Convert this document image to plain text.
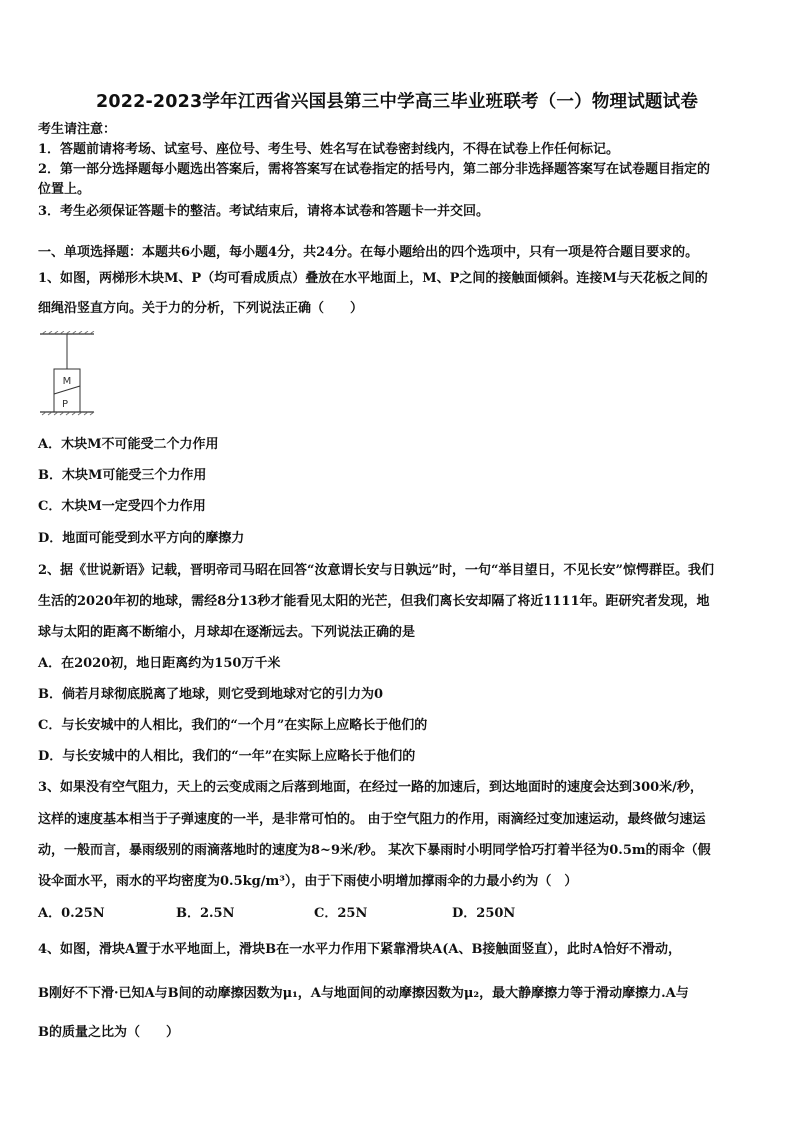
2022-2023学年江西省兴国县第三中学高三毕业班联考（一）物理试题试卷
考生请注意：
1．答题前请将考场、试室号、座位号、考生号、姓名写在试卷密封线内，不得在试卷上作任何标记。
2．第一部分选择题每小题选出答案后，需将答案写在试卷指定的括号内，第二部分非选择题答案写在试卷题目指定的
位置上。
3．考生必须保证答题卡的整洁。考试结束后，请将本试卷和答题卡一并交回。
一、单项选择题：本题共6小题，每小题4分，共24分。在每小题给出的四个选项中，只有一项是符合题目要求的。
1、如图，两梯形木块M、P（均可看成质点）叠放在水平地面上，M、P之间的接触面倾斜。连接M与天花板之间的
细绳沿竖直方向。关于力的分析，下列说法正确（　　）
M
P
A．木块M不可能受二个力作用
B．木块M可能受三个力作用
C．木块M一定受四个力作用
D．地面可能受到水平方向的摩擦力
2、据《世说新语》记载，晋明帝司马昭在回答“汝意谓长安与日孰远”时，一句“举目望日，不见长安”惊愕群臣。我们
生活的2020年初的地球，需经8分13秒才能看见太阳的光芒，但我们离长安却隔了将近1111年。距研究者发现，地
球与太阳的距离不断缩小，月球却在逐渐远去。下列说法正确的是
A．在2020初，地日距离约为150万千米
B．倘若月球彻底脱离了地球，则它受到地球对它的引力为0
C．与长安城中的人相比，我们的“一个月”在实际上应略长于他们的
D．与长安城中的人相比，我们的“一年”在实际上应略长于他们的
3、如果没有空气阻力，天上的云变成雨之后落到地面，在经过一路的加速后，到达地面时的速度会达到300米/秒，
这样的速度基本相当于子弹速度的一半，是非常可怕的。 由于空气阻力的作用，雨滴经过变加速运动，最终做匀速运
动，一般而言，暴雨级别的雨滴落地时的速度为8~9米/秒。 某次下暴雨时小明同学恰巧打着半径为0.5m的雨伞（假
设伞面水平，雨水的平均密度为0.5kg/m³），由于下雨使小明增加撑雨伞的力最小约为（　）
A．0.25N	B．2.5N	C．25N	D．250N
4、如图，滑块A置于水平地面上，滑块B在一水平力作用下紧靠滑块A(A、B接触面竖直），此时A恰好不滑动，
B刚好不下滑·已知A与B间的动摩擦因数为μ₁，A与地面间的动摩擦因数为μ₂，最大静摩擦力等于滑动摩擦力.A与
B的质量之比为（　　）
